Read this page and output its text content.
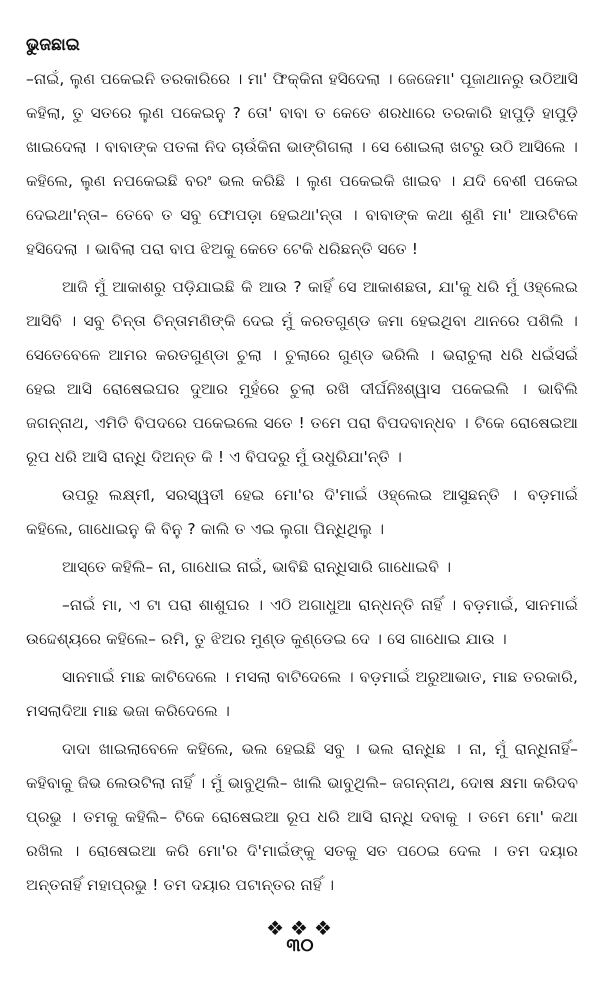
ଭୁଜଛାଇ

–ନାଇଁ, ଲୁଣ ପକେଇନି ତରକାରିରେ । ମା' ଫିକ୍‌କିନା ହସିଦେଲା । ଜେଜେମା' ପୂଜାଥାନରୁ ଉଠିଆସି କହିଲା, ତୁ ସତରେ ଲୁଣ ପକେଇନୁ ? ତୋ' ବାବା ତ କେତେ ଶରଧାରେ ତରକାରି ହାପୁଡ଼ି ହାପୁଡ଼ି ଖାଇଦେଲା । ବାବାଙ୍କ ପତଳା ନିଦ ଚାଉଁକିନା ଭାଙ୍ଗିଗଲା । ସେ ଶୋଇଲା ଖଟରୁ ଉଠି ଆସିଲେ । କହିଲେ, ଲୁଣ ନପକେଇଛି ବରଂ ଭଲ କରିଛି । ଲୁଣ ପକେଇକି ଖାଇବ । ଯଦି ବେଶୀ ପକେଇ ଦେଇଥା'ନ୍ତା– ତେବେ ତ ସବୁ ଫୋପଡ଼ା ହେଇଥା'ନ୍ତା । ବାବାଙ୍କ କଥା ଶୁଣି ମା' ଆଉଟିକେ ହସିଦେଲା । ଭାବିଲା ପରା ବାପ ଝିଅକୁ କେତେ ଟେକି ଧରିଛନ୍ତି ସତେ !

ଆଜି ମୁଁ ଆକାଶରୁ ପଡ଼ିଯାଇଛି କି ଆଉ ? କାହିଁ ସେ ଆକାଶଛତା, ଯା'କୁ ଧରି ମୁଁ ଓହ୍ଲେଇ ଆସିବି । ସବୁ ଚିନ୍ତା ଚିନ୍ତାମଣିଙ୍କି ଦେଇ ମୁଁ କରତଗୁଣ୍ଡ ଜମା ହେଇଥିବା ଥାନରେ ପଶିଲି । ସେତେବେଳେ ଆମର କରତଗୁଣ୍ଡା ଚୁଲା । ଚୁଲାରେ ଗୁଣ୍ଡ ଭରିଲି । ଭରାଚୁଲା ଧରି ଧଇଁସଇଁ ହେଇ ଆସି ରୋଷେଇଘର ଦୁଆର ମୁହଁରେ ଚୁଲା ରଖି ଦୀର୍ଘନିଃଶ୍ୱାସ ପକେଇଲି । ଭାବିଲି ଜଗନ୍ନାଥ, ଏମିତି ବିପଦରେ ପକେଇଲେ ସତେ ! ତମେ ପରା ବିପଦବାନ୍ଧବ । ଟିକେ ରୋଷେଇଆ ରୂପ ଧରି ଆସି ରାନ୍ଧି ଦିଅନ୍ତ କି ! ଏ ବିପଦରୁ ମୁଁ ଉଧୁରିଯା'ନ୍ତି ।

ଉପରୁ ଲକ୍ଷ୍ମୀ, ସରସ୍ୱତୀ ହେଇ ମୋ'ର ଦି'ମାଇଁ ଓହ୍ଲେଇ ଆସୁଛନ୍ତି । ବଡ଼ମାଇଁ କହିଲେ, ଗାଧୋଇନୁ କି ବିନୁ ? କାଲି ତ ଏଇ ଲୁଗା ପିନ୍ଧିଥିଲୁ ।

ଆସ୍ତେ କହିଲି– ନା, ଗାଧୋଇ ନାଇଁ, ଭାବିଛି ରାନ୍ଧିସାରି ଗାଧୋଇବି ।

–ନାଇଁ ମା, ଏ ଟା ପରା ଶାଶୁଘର । ଏଠି ଅଗାଧୁଆ ରାନ୍ଧନ୍ତି ନାହିଁ । ବଡ଼ମାଇଁ, ସାନମାଇଁ ଉଦ୍ଦେଶ୍ୟରେ କହିଲେ– ରମି, ତୁ ଝିଅର ମୁଣ୍ଡ କୁଣ୍ଡେଇ ଦେ । ସେ ଗାଧୋଇ ଯାଉ ।

ସାନମାଇଁ ମାଛ କାଟିଦେଲେ । ମସଲା ବାଟିଦେଲେ । ବଡ଼ମାଇଁ ଅରୁଆଭାତ, ମାଛ ତରକାରି, ମସଲାଦିଆ ମାଛ ଭଜା କରିଦେଲେ ।

ଦାଦା ଖାଇଲାବେଳେ କହିଲେ, ଭଲ ହେଇଛି ସବୁ । ଭଲ ରାନ୍ଧିଛ । ନା, ମୁଁ ରାନ୍ଧିନାହିଁ– କହିବାକୁ ଜିଭ ଲେଉଟିଲା ନାହିଁ । ମୁଁ ଭାବୁଥିଲି– ଖାଲି ଭାବୁଥିଲି– ଜଗନ୍ନାଥ, ଦୋଷ କ୍ଷମା କରିଦବ ପ୍ରଭୁ । ତମକୁ କହିଲି– ଟିକେ ରୋଷେଇଆ ରୂପ ଧରି ଆସି ରାନ୍ଧି ଦବାକୁ । ତମେ ମୋ' କଥା ରଖିଲ । ରୋଷେଇଆ କରି ମୋ'ର ଦି'ମାଇଁଙ୍କୁ ସତକୁ ସତ ପଠେଇ ଦେଲ । ତମ ଦୟାର ଅନ୍ତନାହିଁ ମହାପ୍ରଭୁ ! ତମ ଦୟାର ପଟାନ୍ତର ନାହିଁ ।

❖❖❖
୩୦
